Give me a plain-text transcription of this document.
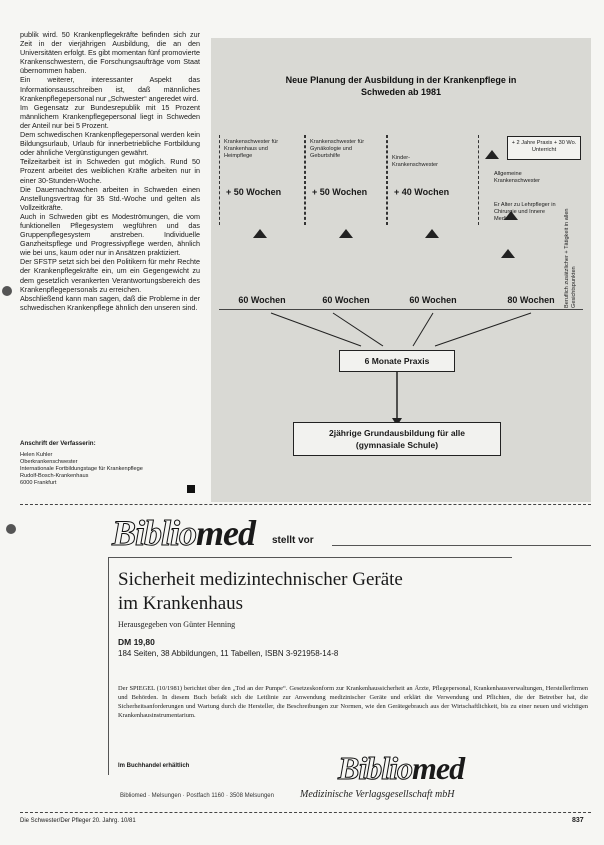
publik wird. 50 Krankenpflegekräfte befinden sich zur Zeit in der vierjährigen Ausbildung, die an den Universitäten erfolgt. Es gibt momentan fünf promovierte Krankenschwestern, die Forschungsaufträge vom Staat übernommen haben.

Ein weiterer, interessanter Aspekt das Informationsausschreiben ist, daß männliches Krankenpflegepersonal nur „Schwester“ angeredet wird.

Im Gegensatz zur Bundesrepublik mit 15 Prozent männlichem Krankenpflegepersonal liegt in Schweden der Anteil nur bei 5 Prozent.

Dem schwedischen Krankenpflegepersonal werden kein Bildungsurlaub, Urlaub für innerbetriebliche Fortbildung oder ähnliche Vergünstigungen gewährt.

Teilzeitarbeit ist in Schweden gut möglich. Rund 50 Prozent arbeitet des weiblichen Kräfte arbeiten nur in einer 30-Stunden-Woche.

Die Dauernachtwachen arbeiten in Schweden einen Anstellungsvertrag für 35 Std.-Woche und gelten als Vollzeitkräfte.

Auch in Schweden gibt es Modeströmungen, die vom funktionellen Pflegesystem wegführen und das Gruppenpflegesystem anstreben. Individuelle Ganzheitspflege und Progressivpflege werden, ähnlich wie bei uns, kaum oder nur in Ansätzen praktiziert.

Der SFSTP setzt sich bei den Politikern für mehr Rechte der Krankenpflegekräfte ein, um ein Gegengewicht zu dem gesetzlich verankerten Verantwortungsbereich des Krankenpflegepersonals zu erreichen.

Abschließend kann man sagen, daß die Probleme in der schwedischen Krankenpflege ähnlich den unseren sind.

Anschrift der Verfasserin:
Helen Kuhler
Oberkrankenschwester
Internationale Fortbildungstage für Krankenpflege
Rudolf-Bosch-Krankenhaus
6000 Frankfurt
Neue Planung der Ausbildung in der Krankenpflege in Schweden ab 1981
Krankenschwester für Krankenhaus und Heimpflege
+ 50 Wochen
Krankenschwester für Gynäkologie und Geburtshilfe
+ 50 Wochen
Kinder- Krankenschwester
+ 40 Wochen
+ 2 Jahre Praxis + 30 Wo. Unterricht
Allgemeine Krankenschwester
Er Alter zu Lehrpfleger in Chirurgie und Innere Medizin	Beruflich zusätzlicher + Tätigkeit in allen Gesichtspunkten
60 Wochen	60 Wochen	60 Wochen	80 Wochen
6 Monate Praxis
2jährige Grundausbildung für alle
(gymnasiale Schule)
Bibliomed stellt vor
Sicherheit medizintechnischer Geräte
im Krankenhaus
Herausgegeben von Günter Henning
DM 19,80
184 Seiten, 38 Abbildungen, 11 Tabellen, ISBN 3-921958-14-8
Der SPIEGEL (10/1981) berichtet über den „Tod an der Pumpe“. Gesetzeskonform zur Krankenhaussicherheit an Ärzte, Pflegepersonal, Krankenhausverwaltungen, Herstellerfirmen und Behörden. In diesem Buch befaßt sich die Leitlinie zur Anwendung medizinischer Geräte und erklärt die Verwendung und Pflichten, die der Betreiber hat, die Sicherheitsanforderungen und Wartung durch die Hersteller, die Beschreibungen zur Normen, wie den Gerätegebrauch aus der Wirtschaftlichkeit, bis zu einer neuen und wichtigen Krankenhausinstrumentarium.
Im Buchhandel erhältlich	Bibliomed
Bibliomed · Melsungen · Postfach 1160 · 3508 Melsungen	Medizinische Verlagsgesellschaft mbH
Die Schwester/Der Pfleger 20. Jahrg. 10/81	837
